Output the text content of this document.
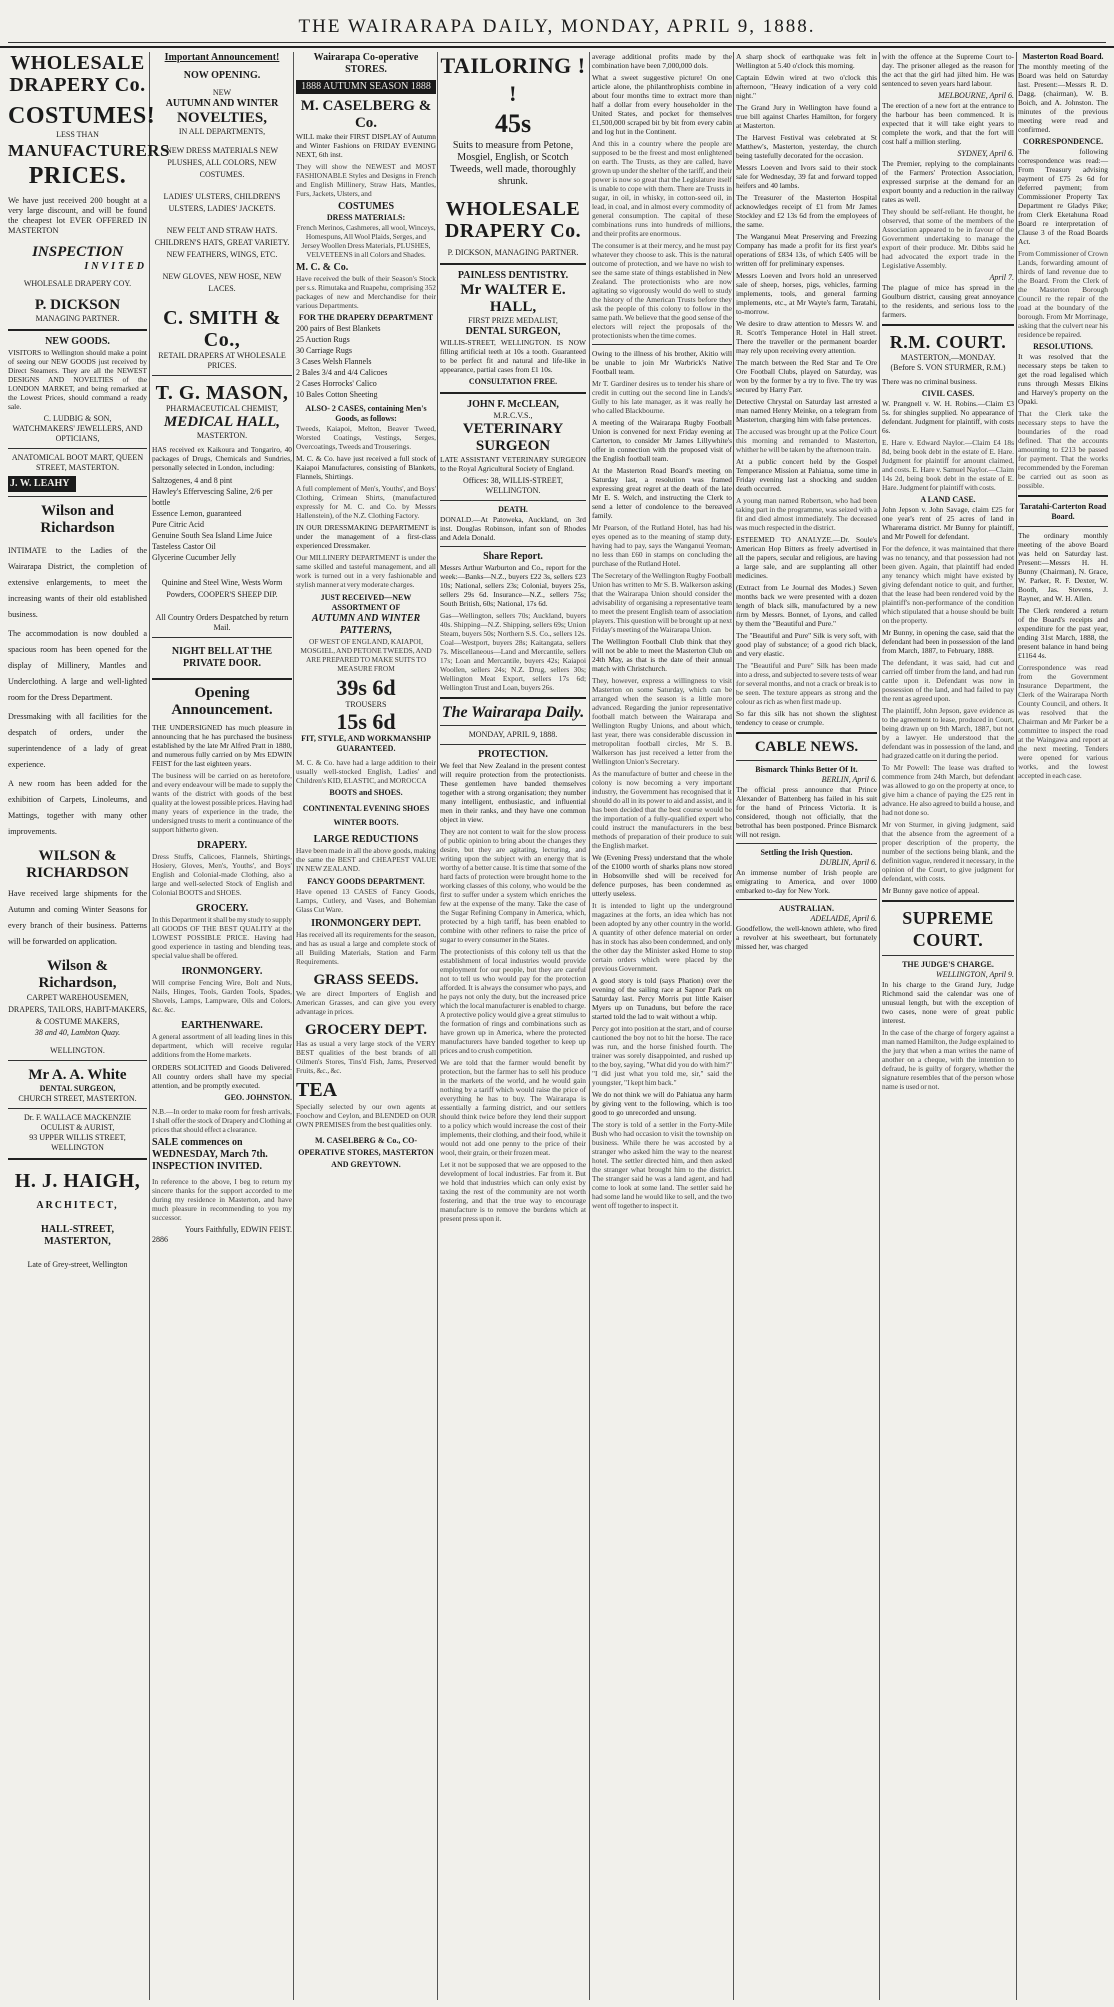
THE WAIRARAPA DAILY, MONDAY, APRIL 9, 1888.
WHOLESALE
DRAPERY Co.
COSTUMES!
LESS THAN
MANUFACTURERS
PRICES.

We have just received 200 bought at a very large discount, and will be found the cheapest lot EVER OFFERED IN MASTERTON

INSPECTION
INVITED
WHOLESALE DRAPERY COY.
P. DICKSON
MANAGING PARTNER.
NEW GOODS.

VISITORS to Wellington should make a point of seeing our NEW GOODS just received by Direct Steamers. They are all the NEWEST DESIGNS AND NOVELTIES of the LONDON MARKET, and being remarked at the Lowest Prices, should command a ready sale.

C. LUDBIG & SON,
WATCHMAKERS' JEWELLERS, AND OPTICIANS,
ANATOMICAL BOOT MART, QUEEN STREET, MASTERTON.
J. W. LEAHY
Wilson and Richardson

INTIMATE to the Ladies of the Wairarapa District, the completion of extensive enlargements, to meet the increasing wants of their old established business.

The accommodation is now doubled a spacious room has been opened for the display of Millinery, Mantles and Underclothing. A large and well-lighted room for the Dress Department.

Dressmaking with all facilities for the despatch of orders, under the superintendence of a lady of great experience.

A new room has been added for the exhibition of Carpets, Linoleums, and Mattings, together with many other improvements.

WILSON &
RICHARDSON

Have received large shipments for the Autumn and coming Winter Seasons for every branch of their business. Patterns will be forwarded on application.

Wilson & Richardson,
CARPET WAREHOUSEMEN, DRAPERS, TAILORS, HABIT-MAKERS, & COSTUME MAKERS,
38 and 40, Lambton Quay.
WELLINGTON.
Mr A. A. White
DENTAL SURGEON,
CHURCH STREET, MASTERTON.
Dr. F. WALLACE MACKENZIE
OCULIST & AURIST,
93 UPPER WILLIS STREET, WELLINGTON
H. J. HAIGH,
ARCHITECT,
HALL-STREET, MASTERTON,
Late of Grey-street, Wellington
Important Announcement!
NOW OPENING.
NEW
AUTUMN AND WINTER
NOVELTIES,
IN ALL DEPARTMENTS,
NEW DRESS MATERIALS NEW PLUSHES, ALL COLORS, NEW COSTUMES.
LADIES' ULSTERS, CHILDREN'S ULSTERS, LADIES' JACKETS.
NEW FELT AND STRAW HATS. CHILDREN'S HATS, GREAT VARIETY. NEW FEATHERS, WINGS, ETC.
NEW GLOVES, NEW HOSE, NEW LACES.
C. SMITH & Co.,
RETAIL DRAPERS AT WHOLESALE PRICES.
T. G. MASON,
PHARMACEUTICAL CHEMIST,
MEDICAL HALL,
MASTERTON.

HAS received ex Kaikoura and Tongariro, 40 packages of Drugs, Chemicals and Sundries, personally selected in London, including:

Saltzogenes, 4 and 8 pint
Hawley's Effervescing Saline, 2/6 per bottle
Essence Lemon, guaranteed
Pure Citric Acid
Genuine South Sea Island Lime Juice
Tasteless Castor Oil
Glycerine Cucumber Jelly
Quinine and Steel Wine, Wests Worm Powders, COOPER'S SHEEP DIP.
All Country Orders Despatched by return Mail.
NIGHT BELL AT THE PRIVATE DOOR.
Opening Announcement.

THE UNDERSIGNED has much pleasure in announcing that he has purchased the business established by the late Mr Alfred Pratt in 1880, and numerous fully carried on by Mrs EDWIN FEIST for the last eighteen years.

The business will be carried on as heretofore, and every endeavour will be made to supply the wants of the district with goods of the best quality at the lowest possible prices. Having had many years of experience in the trade, the undersigned trusts to merit a continuance of the support hitherto given.

DRAPERY.

Dress Stuffs, Calicoes, Flannels, Shirtings, Hosiery, Gloves, Men's, Youths', and Boys' English and Colonial-made Clothing, also a large and well-selected Stock of English and Colonial BOOTS and SHOES.

GROCERY.

In this Department it shall be my study to supply all GOODS OF THE BEST QUALITY at the LOWEST POSSIBLE PRICE. Having had good experience in tasting and blending teas, special value shall be offered.

IRONMONGERY.

Will comprise Fencing Wire, Bolt and Nuts, Nails, Hinges, Tools, Garden Tools, Spades, Shovels, Lamps, Lampware, Oils and Colors, &c. &c.

EARTHENWARE.

A general assortment of all leading lines in this department, which will receive regular additions from the Home markets.

ORDERS SOLICITED and Goods Delivered. All country orders shall have my special attention, and be promptly executed.

GEO. JOHNSTON.

N.B.—In order to make room for fresh arrivals, I shall offer the stock of Drapery and Clothing at prices that should effect a clearance.

SALE commences on WEDNESDAY, March 7th. INSPECTION INVITED.

In reference to the above, I beg to return my sincere thanks for the support accorded to me during my residence in Masterton, and have much pleasure in recommending to you my successor.

Yours Faithfully, EDWIN FEIST.
2886
Wairarapa Co-operative STORES.
1888 AUTUMN SEASON 1888
M. CASELBERG & Co.

WILL make their FIRST DISPLAY of Autumn and Winter Fashions on FRIDAY EVENING NEXT, 6th inst.

They will show the NEWEST and MOST FASHIONABLE Styles and Designs in French and English Millinery, Straw Hats, Mantles, Furs, Jackets, Ulsters, and

COSTUMES
DRESS MATERIALS:

French Merinos, Cashmeres, all wool, Winceys, Homespuns, All Wool Plaids, Serges, and Jersey Woollen Dress Materials, PLUSHES, VELVETEENS in all Colors and Shades.

M. C. & Co.

Have received the bulk of their Season's Stock per s.s. Rimutaka and Ruapehu, comprising 352 packages of new and Merchandise for their various Departments.

FOR THE DRAPERY DEPARTMENT
200 pairs of Best Blankets
25 Auction Rugs
30 Carriage Rugs
3 Cases Welsh Flannels
2 Bales 3/4 and 4/4 Calicoes
2 Cases Horrocks' Calico
10 Bales Cotton Sheeting
ALSO- 2 CASES, containing Men's Goods, as follows:

Tweeds, Kaiapoi, Melton, Beaver Tweed, Worsted Coatings, Vestings, Serges, Overcoatings, Tweeds and Trouserings.

M. C. & Co. have just received a full stock of Kaiapoi Manufactures, consisting of Blankets, Flannels, Shirtings.

A full complement of Men's, Youths', and Boys' Clothing, Crimean Shirts, (manufactured expressly for M. C. and Co. by Messrs Hallenstein), of the N.Z. Clothing Factory.

IN OUR DRESSMAKING DEPARTMENT is under the management of a first-class experienced Dressmaker.

Our MILLINERY DEPARTMENT is under the same skilled and tasteful management, and all work is turned out in a very fashionable and stylish manner at very moderate charges.

JUST RECEIVED—NEW ASSORTMENT OF
AUTUMN AND WINTER PATTERNS,

OF WEST OF ENGLAND, KAIAPOI, MOSGIEL, AND PETONE TWEEDS, AND ARE PREPARED TO MAKE SUITS TO MEASURE FROM

39s 6d
TROUSERS
15s 6d
FIT, STYLE, AND WORKMANSHIP GUARANTEED.

M. C. & Co. have had a large addition to their usually well-stocked English, Ladies' and Children's KID, ELASTIC, and MOROCCA

BOOTS and SHOES.
CONTINENTAL EVENING SHOES
WINTER BOOTS.
LARGE REDUCTIONS

Have been made in all the above goods, making the same the BEST and CHEAPEST VALUE IN NEW ZEALAND.

FANCY GOODS DEPARTMENT.

Have opened 13 CASES of Fancy Goods, Lamps, Cutlery, and Vases, and Bohemian Glass Cut Ware.

IRONMONGERY DEPT.

Has received all its requirements for the season, and has as usual a large and complete stock of all Building Materials, Station and Farm Requirements.

GRASS SEEDS.

We are direct Importers of English and American Grasses, and can give you every advantage in prices.

GROCERY DEPT.

Has as usual a very large stock of the VERY BEST qualities of the best brands of all Oilmen's Stores, Tins'd Fish, Jams, Preserved Fruits, &c., &c.

TEA

Specially selected by our own agents at Foochow and Ceylon, and BLENDED on OUR OWN PREMISES from the best qualities only.

M. CASELBERG & Co., CO-OPERATIVE STORES, MASTERTON AND GREYTOWN.
TAILORING ! !
45s
Suits to measure from Petone, Mosgiel, English, or Scotch Tweeds, well made, thoroughly shrunk.
WHOLESALE
DRAPERY Co.
P. DICKSON, MANAGING PARTNER.
PAINLESS DENTISTRY.
Mr WALTER E. HALL,
FIRST PRIZE MEDALIST,
DENTAL SURGEON,

WILLIS-STREET, WELLINGTON. IS NOW filling artificial teeth at 10s a tooth. Guaranteed to be perfect fit and natural and life-like in appearance, partial cases from £1 10s.

CONSULTATION FREE.
JOHN F. McCLEAN,
M.R.C.V.S.,
VETERINARY SURGEON

LATE ASSISTANT VETERINARY SURGEON to the Royal Agricultural Society of England.

Offices: 38, WILLIS-STREET, WELLINGTON.
DEATH.

DONALD.—At Patoweka, Auckland, on 3rd inst. Douglas Robinson, infant son of Rhodes and Adela Donald.

Share Report.

Messrs Arthur Warburton and Co., report for the week:—Banks—N.Z., buyers £22 3s, sellers £23 10s; National, sellers 23s; Colonial, buyers 25s, sellers 29s 6d. Insurance—N.Z., sellers 75s; South British, 60s; National, 17s 6d.

Gas—Wellington, sellers 70s; Auckland, buyers 40s. Shipping—N.Z. Shipping, sellers 69s; Union Steam, buyers 50s; Northern S.S. Co., sellers 12s. Coal—Westport, buyers 28s; Kaitangata, sellers 7s. Miscellaneous—Land and Mercantile, sellers 17s; Loan and Mercantile, buyers 42s; Kaiapoi Woollen, sellers 24s; N.Z. Drug, sellers 30s; Wellington Meat Export, sellers 17s 6d; Wellington Trust and Loan, buyers 26s.

The Wairarapa Daily.
MONDAY, APRIL 9, 1888.
PROTECTION.

We feel that New Zealand in the present contest will require protection from the protectionists. These gentlemen have banded themselves together with a strong organisation; they number many intelligent, enthusiastic, and influential men in their ranks, and they have one common object in view.

They are not content to wait for the slow process of public opinion to bring about the changes they desire, but they are agitating, lecturing, and writing upon the subject with an energy that is worthy of a better cause. It is time that some of the hard facts of protection were brought home to the working classes of this colony, who would be the first to suffer under a system which enriches the few at the expense of the many. Take the case of the Sugar Refining Company in America, which, protected by a high tariff, has been enabled to combine with other refiners to raise the price of sugar to every consumer in the States.

The protectionists of this colony tell us that the establishment of local industries would provide employment for our people, but they are careful not to tell us who would pay for the protection afforded. It is always the consumer who pays, and he pays not only the duty, but the increased price which the local manufacturer is enabled to charge. A protective policy would give a great stimulus to the formation of rings and combinations such as have grown up in America, where the protected manufacturers have banded together to keep up prices and to crush competition.

We are told that the farmer would benefit by protection, but the farmer has to sell his produce in the markets of the world, and he would gain nothing by a tariff which would raise the price of everything he has to buy. The Wairarapa is essentially a farming district, and our settlers should think twice before they lend their support to a policy which would increase the cost of their implements, their clothing, and their food, while it would not add one penny to the price of their wool, their grain, or their frozen meat.

Let it not be supposed that we are opposed to the development of local industries. Far from it. But we hold that industries which can only exist by taxing the rest of the community are not worth fostering, and that the true way to encourage manufacture is to remove the burdens which at present press upon it.

average additional profits made by the combination have been 7,000,000 dols.

What a sweet suggestive picture! On one article alone, the philanthrophists combine in about four months time to extract more than half a dollar from every householder in the United States, and pocket for themselves £1,500,000 scraped bit by bit from every cabin and log hut in the Continent.

And this in a country where the people are supposed to be the freest and most enlightened on earth. The Trusts, as they are called, have grown up under the shelter of the tariff, and their power is now so great that the Legislature itself is unable to cope with them. There are Trusts in sugar, in oil, in whisky, in cotton-seed oil, in lead, in coal, and in almost every commodity of general consumption. The capital of these combinations runs into hundreds of millions, and their profits are enormous.

The consumer is at their mercy, and he must pay whatever they choose to ask. This is the natural outcome of protection, and we have no wish to see the same state of things established in New Zealand. The protectionists who are now agitating so vigorously would do well to study the history of the American Trusts before they ask the people of this colony to follow in the same path. We believe that the good sense of the electors will reject the proposals of the protectionists when the time comes.

Owing to the illness of his brother, Akitio will be unable to join Mr Warbrick's Native Football team.

Mr T. Gardiner desires us to tender his share of credit in cutting out the second line in Lands's Gully to his late manager, as it was really he who called Blackbourne.

A meeting of the Wairarapa Rugby Football Union is convened for next Friday evening at Carterton, to consider Mr James Lillywhite's offer in connection with the proposed visit of the English football team.

At the Masterton Road Board's meeting on Saturday last, a resolution was framed expressing great regret at the death of the late Mr E. S. Welch, and instructing the Clerk to send a letter of condolence to the bereaved family.

Mr Pearson, of the Rutland Hotel, has had his eyes opened as to the meaning of stamp duty, having had to pay, says the Wanganui Yeoman, no less than £60 in stamps on concluding the purchase of the Rutland Hotel.

The Secretary of the Wellington Rugby Football Union has written to Mr S. B. Walkerson asking that the Wairarapa Union should consider the advisability of organising a representative team to meet the present English team of association players. This question will be brought up at next Friday's meeting of the Wairarapa Union.

The Wellington Football Club think that they will not be able to meet the Masterton Club on 24th May, as that is the date of their annual match with Christchurch.

They, however, express a willingness to visit Masterton on some Saturday, which can be arranged when the season is a little more advanced. Regarding the junior representative football match between the Wairarapa and Wellington Rugby Unions, and about which, last year, there was considerable discussion in metropolitan football circles, Mr S. B. Walkerson has just received a letter from the Wellington Union's Secretary.

As the manufacture of butter and cheese in the colony is now becoming a very important industry, the Government has recognised that it should do all in its power to aid and assist, and it has been decided that the best course would be the importation of a fully-qualified expert who could instruct the manufacturers in the best methods of preparation of their produce to suit the English market.

We (Evening Press) understand that the whole of the £1000 worth of sharks plans now stored in Hobsonville shed will be received for defence purposes, has been condemned as utterly useless.

It is intended to light up the underground magazines at the forts, an idea which has not been adopted by any other country in the world. A quantity of other defence material on order has in stock has also been condemned, and only the other day the Minister asked Home to stop certain orders which were placed by the previous Government.

A good story is told (says Phation) over the evening of the sailing race at Sapnor Park on Saturday last. Percy Morris put little Kaiser Myers up on Tunaduns, but before the race started told the lad to wait without a whip.

Percy got into position at the start, and of course cautioned the boy not to hit the horse. The race was run, and the horse finished fourth. The trainer was sorely disappointed, and rushed up to the boy, saying, "What did you do with him?" "I did just what you told me, sir," said the youngster, "I kept him back."

We do not think we will do Pahiatua any harm by giving vent to the following, which is too good to go unrecorded and unsung.

The story is told of a settler in the Forty-Mile Bush who had occasion to visit the township on business. While there he was accosted by a stranger who asked him the way to the nearest hotel. The settler directed him, and then asked the stranger what brought him to the district. The stranger said he was a land agent, and had come to look at some land. The settler said he had some land he would like to sell, and the two went off together to inspect it.

A sharp shock of earthquake was felt in Wellington at 5.40 o'clock this morning.

Captain Edwin wired at two o'clock this afternoon, "Heavy indication of a very cold night."

The Grand Jury in Wellington have found a true bill against Charles Hamilton, for forgery at Masterton.

The Harvest Festival was celebrated at St Matthew's, Masterton, yesterday, the church being tastefully decorated for the occasion.

Messrs Loeven and Ivors said to their stock sale for Wednesday, 39 fat and forward topped heifers and 40 lambs.

The Treasurer of the Masterton Hospital acknowledges receipt of £1 from Mr James Stockley and £2 13s 6d from the employees of the same.

The Wanganui Meat Preserving and Freezing Company has made a profit for its first year's operations of £834 13s, of which £405 will be written off for preliminary expenses.

Messrs Loeven and Ivors hold an unreserved sale of sheep, horses, pigs, vehicles, farming implements, tools, and general farming implements, etc., at Mr Wayte's farm, Taratahi, to-morrow.

We desire to draw attention to Messrs W. and R. Scott's Temperance Hotel in Hall street. There the traveller or the permanent boarder may rely upon receiving every attention.

The match between the Red Star and Te Ore Ore Football Clubs, played on Saturday, was won by the former by a try to five. The try was secured by Harry Parr.

Detective Chrystal on Saturday last arrested a man named Henry Meinke, on a telegram from Masterton, charging him with false pretences.

The accused was brought up at the Police Court this morning and remanded to Masterton, whither he will be taken by the afternoon train.

At a public concert held by the Gospel Temperance Mission at Pahiatua, some time in Friday evening last a shocking and sudden death occurred.

A young man named Robertson, who had been taking part in the programme, was seized with a fit and died almost immediately. The deceased was much respected in the district.

ESTEEMED TO ANALYZE.—Dr. Soule's American Hop Bitters as freely advertised in all the papers, secular and religious, are having a large sale, and are supplanting all other medicines.

(Extract from Le Journal des Modes.) Seven months back we were presented with a dozen length of black silk, manufactured by a new firm by Messrs. Bonnet, of Lyons, and called by them the "Beautiful and Pure."

The "Beautiful and Pure" Silk is very soft, with good play of substance; of a good rich black, and very elastic.

The "Beautiful and Pure" Silk has been made into a dress, and subjected to severe tests of wear for several months, and not a crack or break is to be seen. The texture appears as strong and the colour as rich as when first made up.

So far this silk has not shown the slightest tendency to cease or crumple.

CABLE NEWS.
Bismarck Thinks Better Of It.
BERLIN, April 6.

The official press announce that Prince Alexander of Battenberg has failed in his suit for the hand of Princess Victoria. It is considered, though not officially, that the betrothal has been postponed. Prince Bismarck will not resign.

Settling the Irish Question.
DUBLIN, April 6.

An immense number of Irish people are emigrating to America, and over 1000 embarked to-day for New York.

AUSTRALIAN.
ADELAIDE, April 6.

Goodfellow, the well-known athlete, who fired a revolver at his sweetheart, but fortunately missed her, was charged

with the offence at the Supreme Court to-day. The prisoner alleged as the reason for the act that the girl had jilted him. He was sentenced to seven years hard labour.

MELBOURNE, April 6.

The erection of a new fort at the entrance to the harbour has been commenced. It is expected that it will take eight years to complete the work, and that the fort will cost half a million sterling.

SYDNEY, April 6.

The Premier, replying to the complainants of the Farmers' Protection Association, expressed surprise at the demand for an export bounty and a reduction in the railway rates as well.

They should be self-reliant. He thought, he observed, that some of the members of the Association appeared to be in favour of the Government undertaking to manage the export of their produce. Mr. Dibbs said he had advocated the export trade in the Legislative Assembly.

April 7.

The plague of mice has spread in the Goulburn district, causing great annoyance to the residents, and serious loss to the farmers.

R.M. COURT.
MASTERTON,—MONDAY.
(Before S. VON STURMER, R.M.)

There was no criminal business.

CIVIL CASES.

W. Prangnell v. W. H. Robins.—Claim £3 5s. for shingles supplied. No appearance of defendant. Judgment for plaintiff, with costs 6s.

E. Hare v. Edward Naylor.—Claim £4 18s 8d, being book debt in the estate of E. Hare. Judgment for plaintiff for amount claimed, and costs. E. Hare v. Samuel Naylor.—Claim 14s 2d, being book debt in the estate of E. Hare. Judgment for plaintiff with costs.

A LAND CASE.

John Jepson v. John Savage, claim £25 for one year's rent of 25 acres of land in Wharerama district. Mr Bunny for plaintiff, and Mr Powell for defendant.

For the defence, it was maintained that there was no tenancy, and that possession had not been given. Again, that plaintiff had ended any tenancy which might have existed by giving defendant notice to quit, and further, that the lease had been rendered void by the plaintiff's non-performance of the condition which stipulated that a house should be built on the property.

Mr Bunny, in opening the case, said that the defendant had been in possession of the land from March, 1887, to February, 1888.

The defendant, it was said, had cut and carried off timber from the land, and had run cattle upon it. Defendant was now in possession of the land, and had failed to pay the rent as agreed upon.

The plaintiff, John Jepson, gave evidence as to the agreement to lease, produced in Court, being drawn up on 9th March, 1887, but not by a lawyer. He understood that the defendant was in possession of the land, and had grazed cattle on it during the period.

To Mr Powell: The lease was drafted to commence from 24th March, but defendant was allowed to go on the property at once, to give him a chance of paying the £25 rent in advance. He also agreed to build a house, and had not done so.

Mr von Sturmer, in giving judgment, said that the absence from the agreement of a proper description of the property, the number of the sections being blank, and the definition vague, rendered it necessary, in the opinion of the Court, to give judgment for defendant, with costs.

Mr Bunny gave notice of appeal.

SUPREME COURT.
THE JUDGE'S CHARGE.
WELLINGTON, April 9.

In his charge to the Grand Jury, Judge Richmond said the calendar was one of unusual length, but with the exception of two cases, none were of great public interest.

In the case of the charge of forgery against a man named Hamilton, the Judge explained to the jury that when a man writes the name of another on a cheque, with the intention to defraud, he is guilty of forgery, whether the signature resembles that of the person whose name is used or not.

Masterton Road Board.

The monthly meeting of the Board was held on Saturday last. Present:—Messrs R. D. Dagg, (chairman), W. B. Boich, and A. Johnston. The minutes of the previous meeting were read and confirmed.

CORRESPONDENCE.

The following correspondence was read:— From Treasury advising payment of £75 2s 6d for deferred payment; from Commissioner Property Tax Department re Gladys Pike; from Clerk Eketahuna Road Board re interpretation of Clause 3 of the Road Boards Act.

From Commissioner of Crown Lands, forwarding amount of thirds of land revenue due to the Board. From the Clerk of the Masterton Borough Council re the repair of the road at the boundary of the borough. From Mr Morrinage, asking that the culvert near his residence be repaired.

RESOLUTIONS.

It was resolved that the necessary steps be taken to get the road legalised which runs through Messrs Elkins and Harvey's property on the Opaki.

That the Clerk take the necessary steps to have the boundaries of the road defined. That the accounts amounting to £213 be passed for payment. That the works recommended by the Foreman be carried out as soon as possible.

Taratahi-Carterton Road Board.

The ordinary monthly meeting of the above Board was held on Saturday last. Present:—Messrs H. H. Bunny (Chairman), N. Grace, W. Parker, R. F. Dexter, W. Booth, Jas. Stevens, J. Rayner, and W. H. Allen.

The Clerk rendered a return of the Board's receipts and expenditure for the past year, ending 31st March, 1888, the present balance in hand being £1164 4s.

Correspondence was read from the Government Insurance Department, the Clerk of the Wairarapa North County Council, and others. It was resolved that the Chairman and Mr Parker be a committee to inspect the road at the Waingawa and report at the next meeting. Tenders were opened for various works, and the lowest accepted in each case.
